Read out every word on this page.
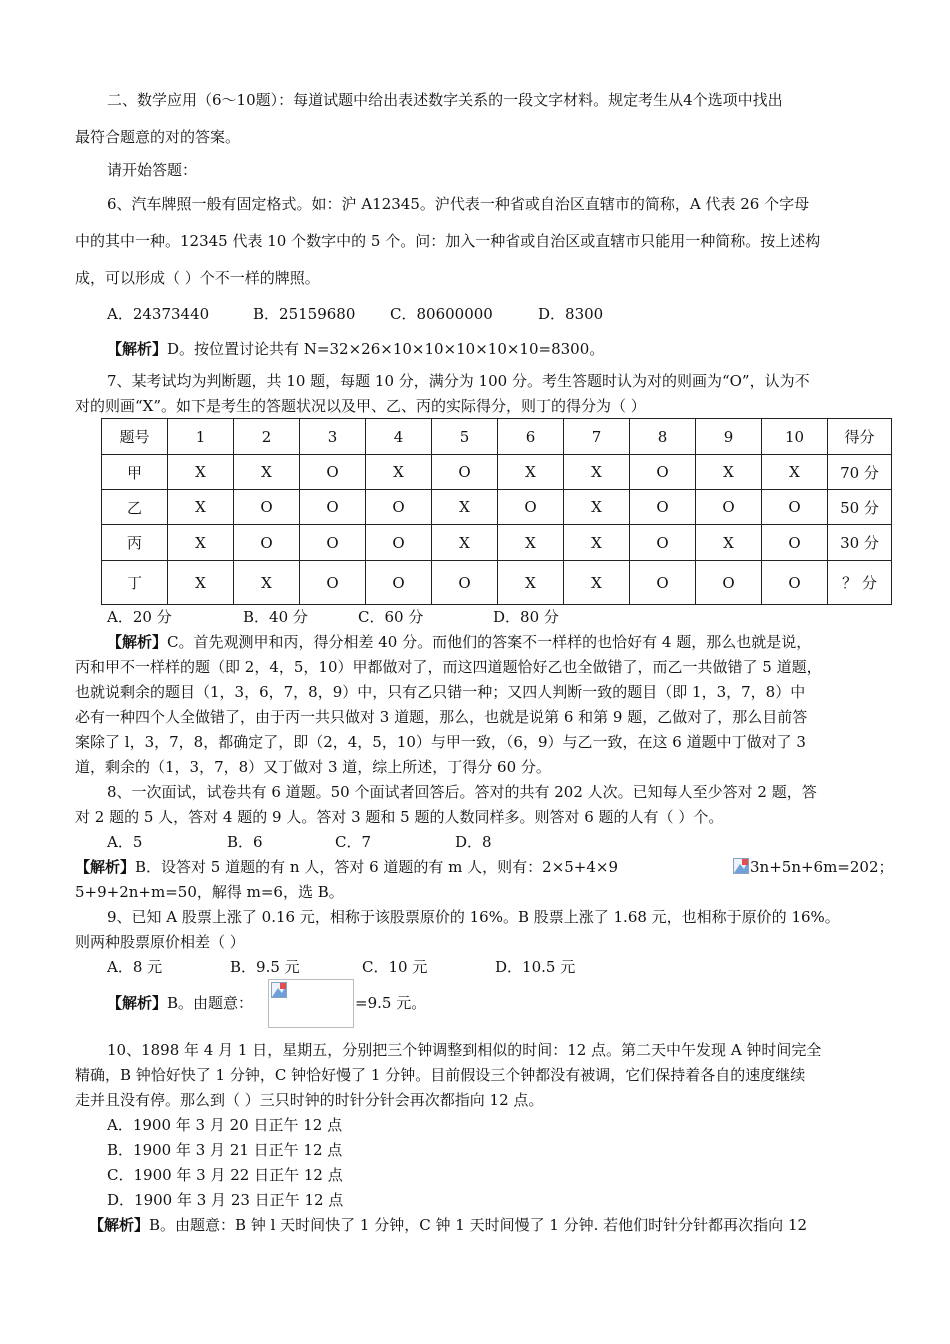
二、数学应用（6～10题）：每道试题中给出表述数字关系的一段文字材料。规定考生从4个选项中找出
最符合题意的对的答案。
请开始答题：
6、汽车牌照一般有固定格式。如：沪 A12345。沪代表一种省或自治区直辖市的简称，A 代表 26 个字母
中的其中一种。12345 代表 10 个数字中的 5 个。问：加入一种省或自治区或直辖市只能用一种简称。按上述构
成，可以形成（ ）个不一样的牌照。
A．24373440	B．25159680 C．80600000	D．8300
【解析】D。按位置讨论共有 N=32×26×10×10×10×10×10=8300。
7、某考试均为判断题，共 10 题，每题 10 分，满分为 100 分。考生答题时认为对的则画为“O”，认为不
对的则画“X”。如下是考生的答题状况以及甲、乙、丙的实际得分，则丁的得分为（ ）
题号	1	2	3	4	5	6	7	8	9	10	得分
甲	X	X	O	X	O	X	X	O	X	X	70 分
乙	X	O	O	O	X	O	X	O	O	O	50 分
丙	X	O	O	O	X	X	X	O	X	O	30 分
丁	X	X	O	O	O	X	X	O	O	O	？ 分
A．20 分	B．40 分	C．60 分	D．80 分
【解析】C。首先观测甲和丙，得分相差 40 分。而他们的答案不一样样的也恰好有 4 题，那么也就是说，
丙和甲不一样样的题（即 2，4，5，10）甲都做对了，而这四道题恰好乙也全做错了，而乙一共做错了 5 道题，
也就说剩余的题目（1，3，6，7，8，9）中，只有乙只错一种；又四人判断一致的题目（即 1，3，7，8）中
必有一种四个人全做错了，由于丙一共只做对 3 道题，那么，也就是说第 6 和第 9 题，乙做对了，那么目前答
案除了 l，3，7，8，都确定了，即（2，4，5，10）与甲一致，（6，9）与乙一致，在这 6 道题中丁做对了 3
道，剩余的（1，3，7，8）又丁做对 3 道，综上所述，丁得分 60 分。
8、一次面试，试卷共有 6 道题。50 个面试者回答后。答对的共有 202 人次。已知每人至少答对 2 题，答
对 2 题的 5 人，答对 4 题的 9 人。答对 3 题和 5 题的人数同样多。则答对 6 题的人有（ ）个。
A．5	B．6	C．7	D．8
【解析】B．设答对 5 道题的有 n 人，答对 6 道题的有 m 人，则有：2×5+4×9	3n+5n+6m=202；
5+9+2n+m=50，解得 m=6，选 B。
9、已知 A 股票上涨了 0.16 元，相称于该股票原价的 16%。B 股票上涨了 1.68 元，也相称于原价的 16%。
则两种股票原价相差（ ）
A．8 元	B．9.5 元	C．10 元	D．10.5 元
【解析】B。由题意：	=9.5 元。
10、1898 年 4 月 1 日，星期五，分别把三个钟调整到相似的时间：12 点。第二天中午发现 A 钟时间完全
精确，B 钟恰好快了 1 分钟，C 钟恰好慢了 1 分钟。目前假设三个钟都没有被调，它们保持着各自的速度继续
走并且没有停。那么到（ ）三只时钟的时针分针会再次都指向 12 点。
A．1900 年 3 月 20 日正午 12 点
B．1900 年 3 月 21 日正午 12 点
C．1900 年 3 月 22 日正午 12 点
D．1900 年 3 月 23 日正午 12 点
【解析】B。由题意：B 钟 l 天时间快了 1 分钟，C 钟 1 天时间慢了 1 分钟. 若他们时针分针都再次指向 12
